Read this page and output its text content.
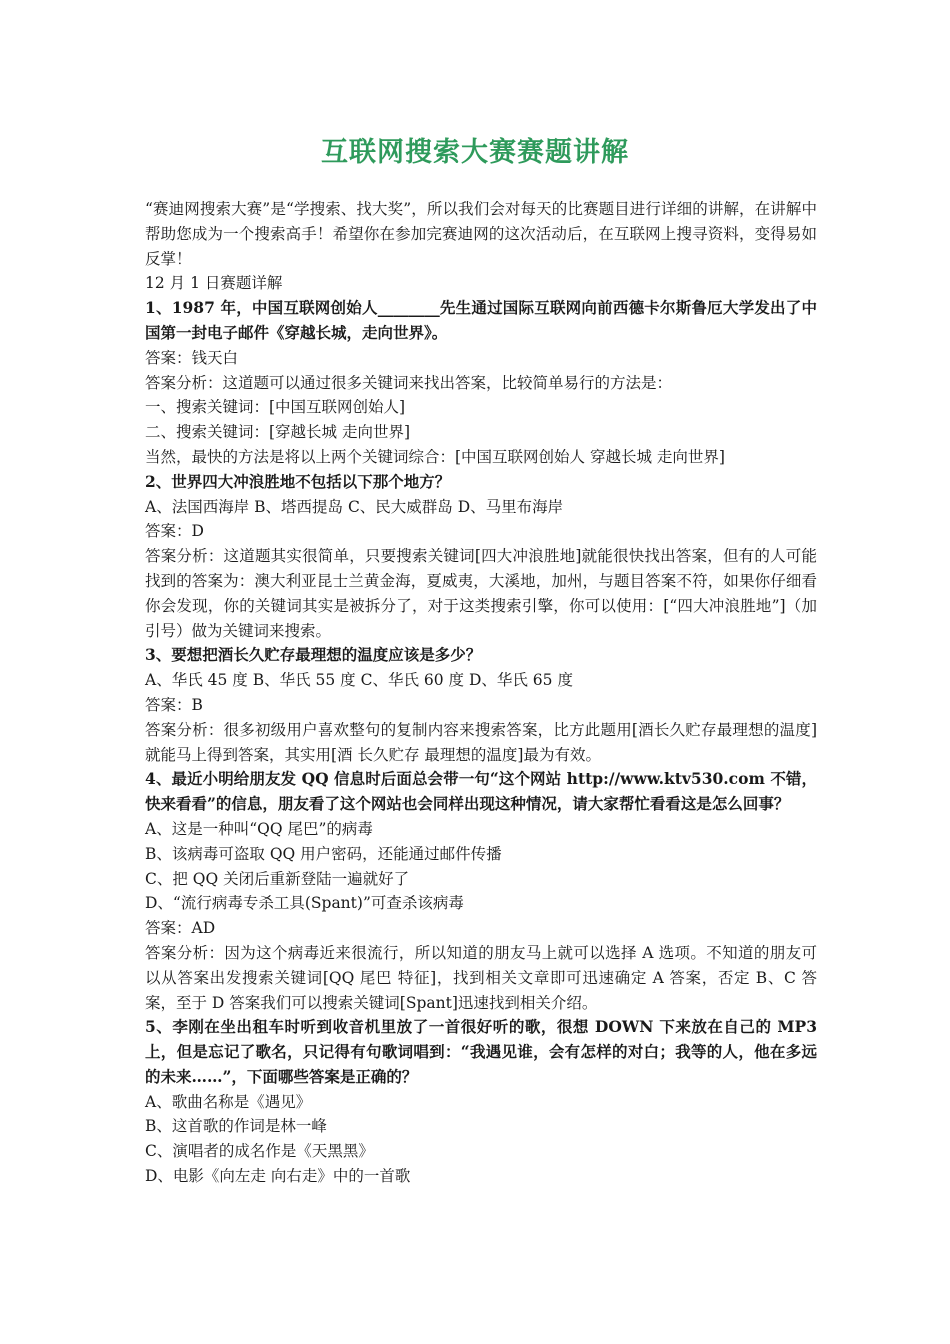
互联网搜索大赛赛题讲解

“赛迪网搜索大赛”是“学搜索、找大奖”，所以我们会对每天的比赛题目进行详细的讲解，在讲解中帮助您成为一个搜索高手！希望你在参加完赛迪网的这次活动后，在互联网上搜寻资料，变得易如反掌！

12 月 1 日赛题详解

1、1987 年，中国互联网创始人________先生通过国际互联网向前西德卡尔斯鲁厄大学发出了中国第一封电子邮件《穿越长城，走向世界》。

答案：钱天白

答案分析：这道题可以通过很多关键词来找出答案，比较简单易行的方法是：

一、搜索关键词：[中国互联网创始人]

二、搜索关键词：[穿越长城 走向世界]

当然，最快的方法是将以上两个关键词综合：[中国互联网创始人 穿越长城 走向世界]

2、世界四大冲浪胜地不包括以下那个地方？

A、法国西海岸 B、塔西提岛 C、民大威群岛 D、马里布海岸

答案：D

答案分析：这道题其实很简单，只要搜索关键词[四大冲浪胜地]就能很快找出答案，但有的人可能找到的答案为：澳大利亚昆士兰黄金海，夏威夷，大溪地，加州，与题目答案不符，如果你仔细看你会发现，你的关键词其实是被拆分了，对于这类搜索引擎，你可以使用：[“四大冲浪胜地”]（加引号）做为关键词来搜索。

3、要想把酒长久贮存最理想的温度应该是多少？

A、华氏 45 度 B、华氏 55 度 C、华氏 60 度 D、华氏 65 度

答案：B

答案分析：很多初级用户喜欢整句的复制内容来搜索答案，比方此题用[酒长久贮存最理想的温度]就能马上得到答案，其实用[酒 长久贮存 最理想的温度]最为有效。

4、最近小明给朋友发 QQ 信息时后面总会带一句“这个网站 http://www.ktv530.com 不错，快来看看”的信息，朋友看了这个网站也会同样出现这种情况，请大家帮忙看看这是怎么回事？

A、这是一种叫“QQ 尾巴”的病毒

B、该病毒可盗取 QQ 用户密码，还能通过邮件传播

C、把 QQ 关闭后重新登陆一遍就好了

D、“流行病毒专杀工具(Spant)”可查杀该病毒

答案：AD

答案分析：因为这个病毒近来很流行，所以知道的朋友马上就可以选择 A 选项。不知道的朋友可以从答案出发搜索关键词[QQ 尾巴 特征]，找到相关文章即可迅速确定 A 答案，否定 B、C 答案，至于 D 答案我们可以搜索关键词[Spant]迅速找到相关介绍。

5、李刚在坐出租车时听到收音机里放了一首很好听的歌，很想 DOWN 下来放在自己的 MP3 上，但是忘记了歌名，只记得有句歌词唱到：“我遇见谁，会有怎样的对白；我等的人，他在多远的未来……”，下面哪些答案是正确的？

A、歌曲名称是《遇见》

B、这首歌的作词是林一峰

C、演唱者的成名作是《天黑黑》

D、电影《向左走 向右走》中的一首歌
